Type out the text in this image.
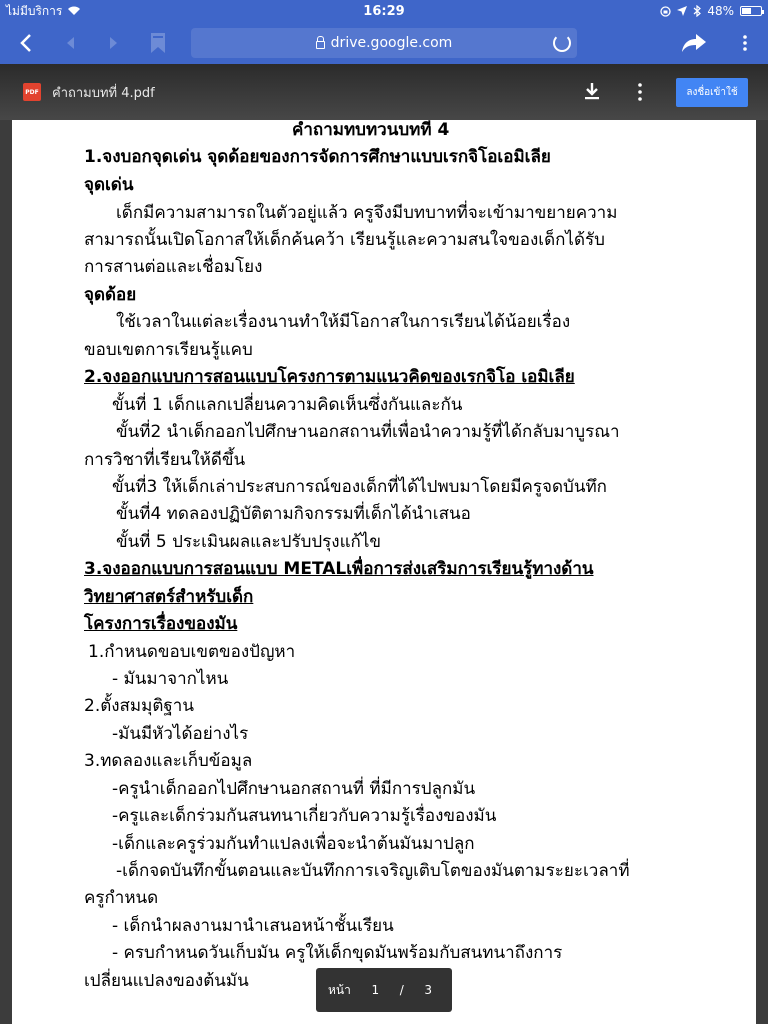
ไม่มีบริการ	16:29	48%
drive.google.com
PDF คำถามบทที่ 4.pdf	ลงชื่อเข้าใช้
คำถามทบทวนบทที่ 4
1.จงบอกจุดเด่น จุดด้อยของการจัดการศึกษาแบบเรกจิโอเอมิเลีย
จุดเด่น
เด็กมีความสามารถในตัวอยู่แล้ว ครูจึงมีบทบาทที่จะเข้ามาขยายความ
สามารถนั้นเปิดโอกาสให้เด็กค้นคว้า เรียนรู้และความสนใจของเด็กได้รับ
การสานต่อและเชื่อมโยง
จุดด้อย
ใช้เวลาในแต่ละเรื่องนานทำให้มีโอกาสในการเรียนได้น้อยเรื่อง
ขอบเขตการเรียนรู้แคบ
2.จงออกแบบการสอนแบบโครงการตามแนวคิดของเรกจิโอ เอมิเลีย
ขั้นที่ 1 เด็กแลกเปลี่ยนความคิดเห็นซึ่งกันและกัน
ขั้นที่2 นำเด็กออกไปศึกษานอกสถานที่เพื่อนำความรู้ที่ได้กลับมาบูรณา
การวิชาที่เรียนให้ดีขึ้น
ขั้นที่3 ให้เด็กเล่าประสบการณ์ของเด็กที่ได้ไปพบมาโดยมีครูจดบันทึก
ขั้นที่4 ทดลองปฏิบัติตามกิจกรรมที่เด็กได้นำเสนอ
ขั้นที่ 5 ประเมินผลและปรับปรุงแก้ไข
3.จงออกแบบการสอนแบบ METALเพื่อการส่งเสริมการเรียนรู้ทางด้าน
วิทยาศาสตร์สำหรับเด็ก
โครงการเรื่องของมัน
1.กำหนดขอบเขตของปัญหา
- มันมาจากไหน
2.ตั้งสมมุติฐาน
-มันมีหัวได้อย่างไร
3.ทดลองและเก็บข้อมูล
-ครูนำเด็กออกไปศึกษานอกสถานที่ ที่มีการปลูกมัน
-ครูและเด็กร่วมกันสนทนาเกี่ยวกับความรู้เรื่องของมัน
-เด็กและครูร่วมกันทำแปลงเพื่อจะนำต้นมันมาปลูก
-เด็กจดบันทึกขั้นตอนและบันทึกการเจริญเติบโตของมันตามระยะเวลาที่
ครูกำหนด
- เด็กนำผลงานมานำเสนอหน้าชั้นเรียน
- ครบกำหนดวันเก็บมัน ครูให้เด็กขุดมันพร้อมกับสนทนาถึงการ
เปลี่ยนแปลงของต้นมัน	หน้า 1 / 3
